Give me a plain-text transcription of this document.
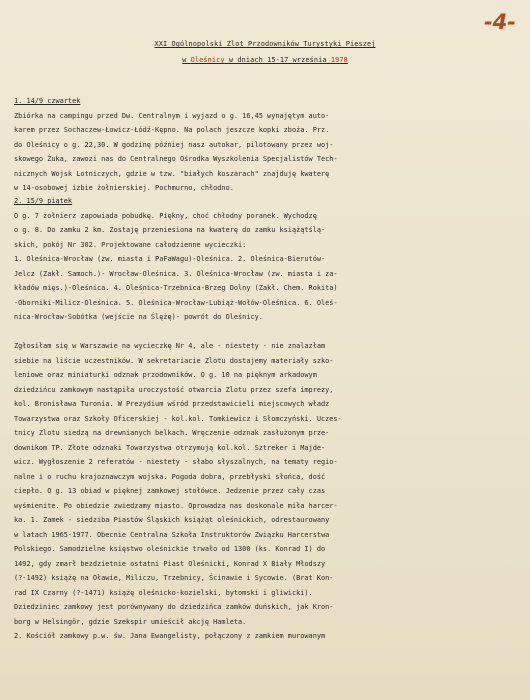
-4-
XXI Ogólnopolski Zlot Przodowników Turystyki Pieszej
w Oleśnicy w dniach 15-17 września 1978
1. 14/9 czwartek

Zbiórka na campingu przed Dw. Centralnym i wyjazd o g. 16,45 wynajętym auto-

karem przez Sochaczew-Łowicz-Łódź-Kępno. Na polach jeszcze kopki zboża. Prz.

do Oleśnicy o g. 22,30. W godzinę później nasz autokar, pilotowany przez woj-

skowego Żuka, zawozi nas do Centralnego Ośrodka Wyszkolenia Specjalistów Tech-

nicznych Wojsk Lotniczych, gdzie w tzw. "białych koszarach" znajduję kwaterę

w 14-osobowej izbie żołnierskiej. Pochmurno, chłodno.

2. 15/9 piątek

O g. 7 żołnierz zapowiada pobudkę. Piękny, choć chłodny poranek. Wychodzę

o g. 8. Do zamku 2 km. Zostaję przeniesiona na kwaterę do zamku książątślą-

skich, pokój Nr 302. Projektowane całodzienne wycieczki:

1. Oleśnica-Wrocław (zw. miasta i PaFaWagu)-Oleśnica. 2. Oleśnica-Bierutów-

Jelcz (Zakł. Samoch.)- Wrocław-Oleśnica. 3. Oleśnica-Wrocław (zw. miasta i za-

kładów mięs.)-Oleśnica. 4. Oleśnica-Trzebnica-Brzeg Dolny (Zakł. Chem. Rokita)

-Oborniki-Milicz-Oleśnica. 5. Oleśnica-Wrocław-Lubiąż-Wołów-Oleśnica. 6. Oleś-

nica-Wrocław-Sobótka (wejście na Ślężę)- powrót do Oleśnicy.

Zgłosiłam się w Warszawie na wycieczkę Nr 4, ale - niestety - nie znalazłam

siebie na liście uczestników. W sekretariacie Zlotu dostajemy materiały szko-

leniowe oraz miniaturki odznak przodowników. O g. 10 na pięknym arkadowym

dziedzińcu zamkowym nastąpiła uroczystość otwarcia Zlotu przez szefa imprezy,

kol. Bronisława Turonia. W Prezydium wśród przedstawicieli miejscowych władz

Towarzystwa oraz Szkoły Oficerskiej - kol.kol. Tomkiewicz i Słomczyński. Uczes-

tnicy Zlotu siedzą na drewnianych belkach. Wręczenie odznak zasłużonym prze-

downikom TP. Złote odznaki Towarzystwa otrzymują kol.kol. Sztreker i Majde-

wicz. Wygłoszenie 2 referatów - niestety - słabo słyszalnych, na tematy regio-

nalne i o ruchu krajoznawczym wojska. Pogoda dobra, przebłyski słońca, dość

ciepło. O g. 13 obiad w pięknej zamkowej stołówce. Jedzenie przez cały czas

wyśmienite. Po obiedzie zwiedzamy miasto. Oprowadza nas doskonale miła harcer-

ka. 1. Zamek - siedziba Piastów Śląskich książąt oleśnickich, odrestaurowany

w latach 1965-1977. Obecnie Centralna Szkoła Instruktorów Związku Harcerstwa

Polskiego. Samodzielne księstwo oleśnickie trwało od 1300 (ks. Konrad I) do

1492, gdy zmarł bezdzietnie ostatni Piast Oleśnicki, Konrad X Biały Młodszy

(?-1492) książę na Oławie, Miliczu, Trzebnicy, Ścinawie i Sycowie. (Brat Kon-

rad IX Czarny (?-1471) książę oleśnicko-kozielski, bytomski i gliwicki).

Dziedziniec zamkowy jest porównywany do dziedzińca zamków duńskich, jak Kron-

borg w Helsingör, gdzie Szekspir umieścił akcję Hamleta.

2. Kościół zamkowy p.w. św. Jana Ewangelisty, połączony z zamkiem murowanym
